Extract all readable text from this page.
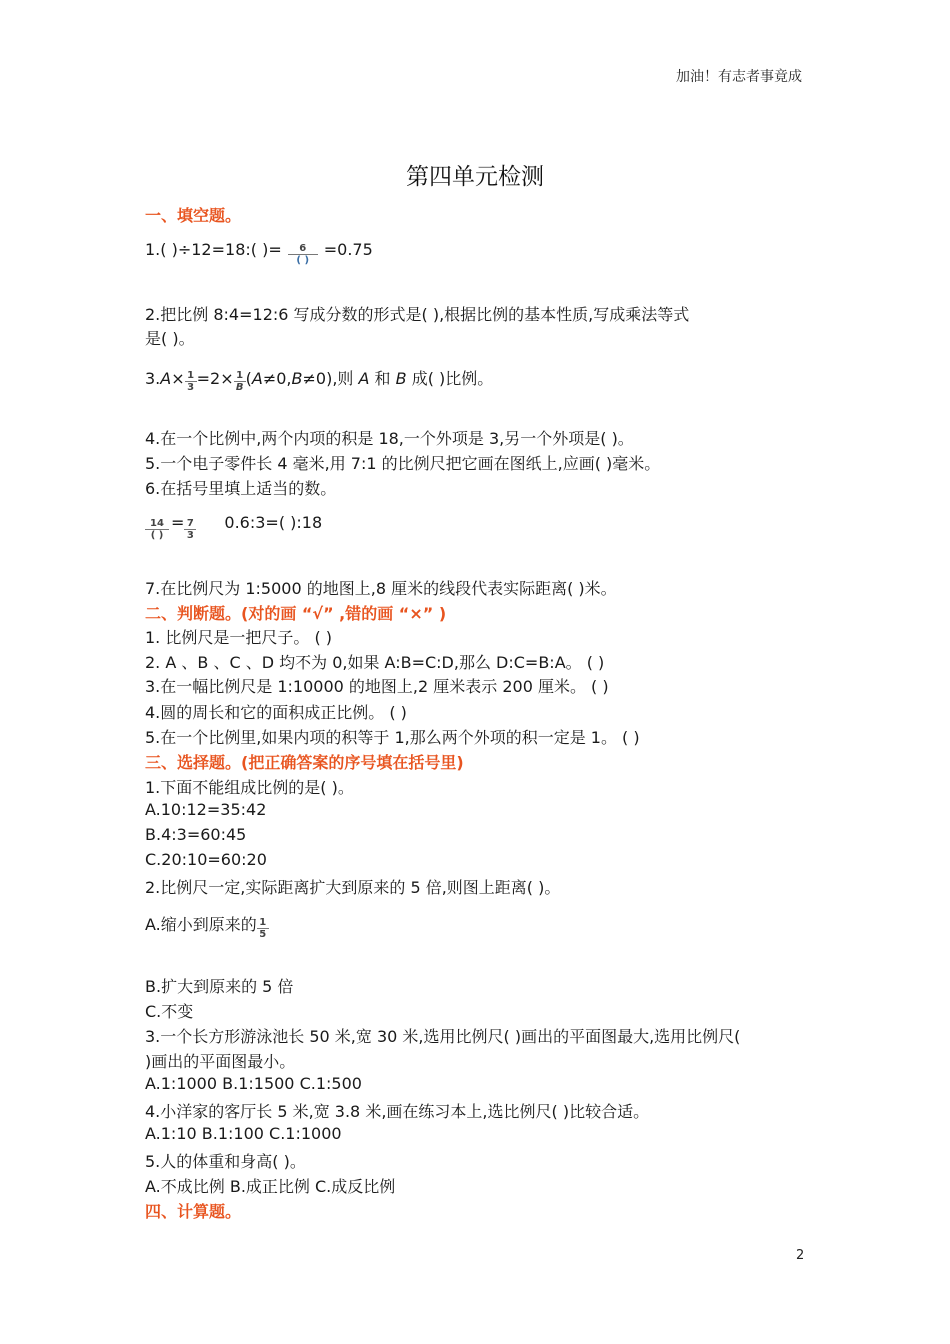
加油！有志者事竟成
第四单元检测
一、填空题。
1.( )÷12=18:( )=	6
( )
=0.75
2.把比例 8:4=12:6 写成分数的形式是( ),根据比例的基本性质,写成乘法等式
是( )。
$3.A\times \frac{1}{3} =2\times \frac{1}{B} (A\ne 0,B\ne 0)$,则 A 和 B 成( )比例。
4.在一个比例中,两个内项的积是 18,一个外项是 3,另一个外项是( )。
5.一个电子零件长 4 毫米,用 7:1 的比例尺把它画在图纸上,应画( )毫米。
6.在括号里填上适当的数。
14
( )
= $\frac{7}{3}$ 0.6:3=( ):18
7.在比例尺为 1:5000 的地图上,8 厘米的线段代表实际距离( )米。
二、判断题。(对的画 “√” ,错的画 “×” )
1. 比例尺是一把尺子。 ( )
2. A 、B 、C 、D 均不为 0,如果 A:B=C:D,那么 D:C=B:A。 ( )
3.在一幅比例尺是 1:10000 的地图上,2 厘米表示 200 厘米。 ( )
4.圆的周长和它的面积成正比例。 ( )
5.在一个比例里,如果内项的积等于 1,那么两个外项的积一定是 1。 ( )
三、选择题。(把正确答案的序号填在括号里)
1.下面不能组成比例的是( )。
A.10:12=35:42
B.4:3=60:45
C.20:10=60:20
2.比例尺一定,实际距离扩大到原来的 5 倍,则图上距离( )。
A.缩小到原来的 $\frac{1}{5}$
B.扩大到原来的 5 倍
C.不变
3.一个长方形游泳池长 50 米,宽 30 米,选用比例尺( )画出的平面图最大,选用比例尺(
)画出的平面图最小。
A.1:1000 B.1:1500 C.1:500
4.小洋家的客厅长 5 米,宽 3.8 米,画在练习本上,选比例尺( )比较合适。
A.1:10 B.1:100 C.1:1000
5.人的体重和身高( )。
A.不成比例 B.成正比例 C.成反比例
四、计算题。
2
